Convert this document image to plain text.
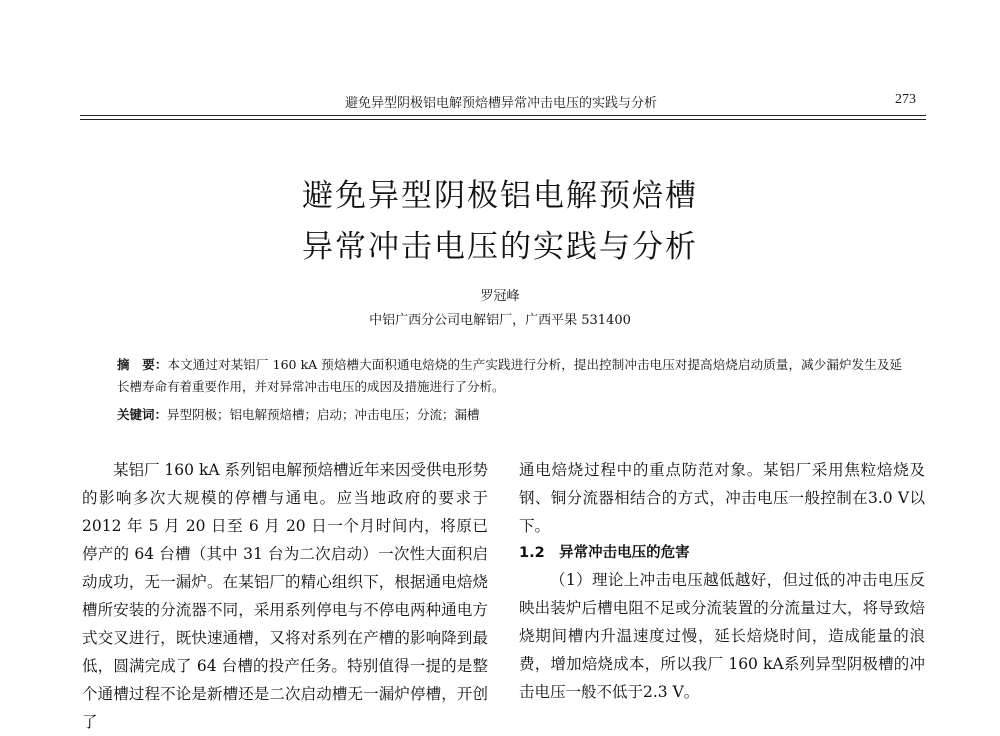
避免异型阴极铝电解预焙槽异常冲击电压的实践与分析	273
避免异型阴极铝电解预焙槽
异常冲击电压的实践与分析
罗冠峰
中铝广西分公司电解铝厂，广西平果 531400
摘　要：本文通过对某铝厂 160 kA 预焙槽大面积通电焙烧的生产实践进行分析，提出控制冲击电压对提高焙烧启动质量，减少漏炉发生及延长槽寿命有着重要作用，并对异常冲击电压的成因及措施进行了分析。
关键词：异型阴极；铝电解预焙槽；启动；冲击电压；分流；漏槽

某铝厂 160 kA 系列铝电解预焙槽近年来因受供电形势的影响多次大规模的停槽与通电。应当地政府的要求于 2012 年 5 月 20 日至 6 月 20 日一个月时间内，将原已停产的 64 台槽（其中 31 台为二次启动）一次性大面积启动成功，无一漏炉。在某铝厂的精心组织下，根据通电焙烧槽所安装的分流器不同，采用系列停电与不停电两种通电方式交叉进行，既快速通槽，又将对系列在产槽的影响降到最低，圆满完成了 64 台槽的投产任务。特别值得一提的是整个通槽过程不论是新槽还是二次启动槽无一漏炉停槽，开创了

通电焙烧过程中的重点防范对象。某铝厂采用焦粒焙烧及钢、铜分流器相结合的方式，冲击电压一般控制在3.0 V以下。

1.2　异常冲击电压的危害

（1）理论上冲击电压越低越好，但过低的冲击电压反映出装炉后槽电阻不足或分流装置的分流量过大，将导致焙烧期间槽内升温速度过慢，延长焙烧时间，造成能量的浪费，增加焙烧成本，所以我厂 160 kA系列异型阴极槽的冲击电压一般不低于2.3 V。
